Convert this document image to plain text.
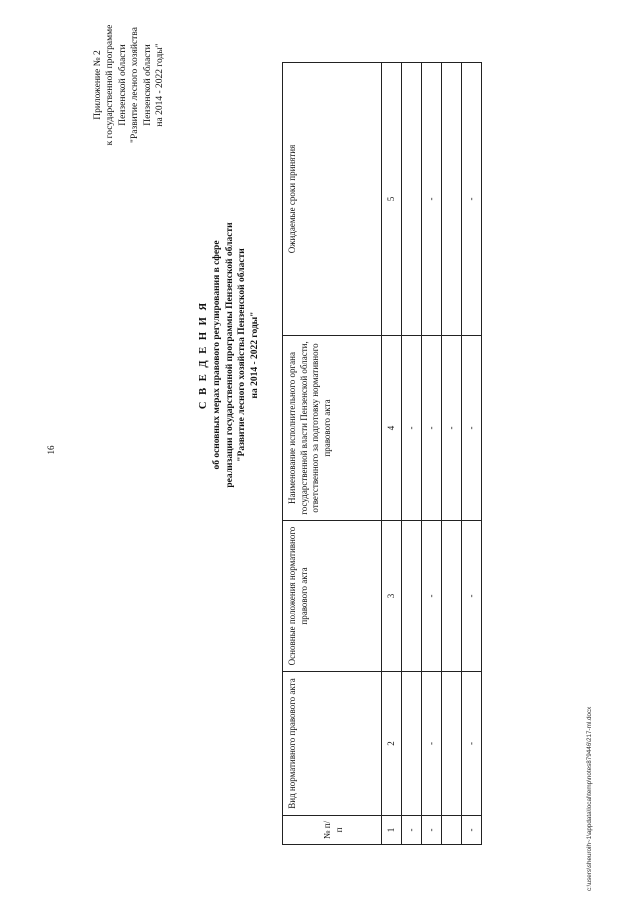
16
Приложение № 2 к государственной программе Пензенской области "Развитие лесного хозяйства Пензенской области на 2014 - 2022 годы"
С В Е Д Е Н И Я об основных мерах правового регулирования в сфере реализации государственной программы Пензенской области "Развитие лесного хозяйства Пензенской области на 2014 - 2022 годы"
№ п/п	Вид нормативного правового акта	Основные положения нормативного правового акта	Наименование исполнительного органа государственной власти Пензенской области, ответственного за подготовку нормативного правового акта	Ожидаемые сроки принятия
1	2	3	4	5
-			-	
-	-	-	-	-
			-	
-	-	-	-	-
c:\users\sheuroih~1\appdata\local\temp\notes879446\217-ml.docx
